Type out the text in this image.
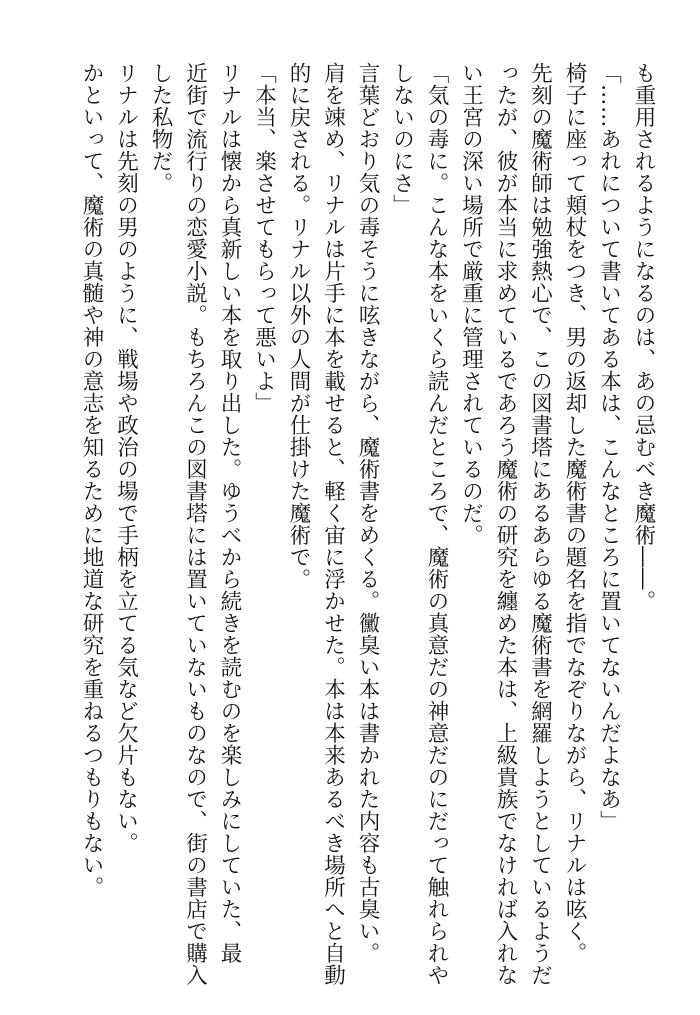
も重用されるようになるのは、あの忌むべき魔術――。
「……あれについて書いてある本は、こんなところに置いてないんだよなあ」
椅子に座って頬杖をつき、男の返却した魔術書の題名を指でなぞりながら、リナルは呟く。
先刻の魔術師は勉強熱心で、この図書塔にあるあらゆる魔術書を網羅しようとしているようだ
ったが、彼が本当に求めているであろう魔術の研究を纏めた本は、上級貴族でなければ入れな
い王宮の深い場所で厳重に管理されているのだ。
「気の毒に。こんな本をいくら読んだところで、魔術の真意だの神意だのにだって触れられや
しないのにさ」
言葉どおり気の毒そうに呟きながら、魔術書をめくる。黴臭い本は書かれた内容も古臭い。
肩を竦め、リナルは片手に本を載せると、軽く宙に浮かせた。本は本来あるべき場所へと自動
的に戻される。リナル以外の人間が仕掛けた魔術で。
「本当、楽させてもらって悪いよ」
リナルは懐から真新しい本を取り出した。ゆうべから続きを読むのを楽しみにしていた、最
近街で流行りの恋愛小説。もちろんこの図書塔には置いていないものなので、街の書店で購入
した私物だ。
リナルは先刻の男のように、戦場や政治の場で手柄を立てる気など欠片もない。
かといって、魔術の真髄や神の意志を知るために地道な研究を重ねるつもりもない。
